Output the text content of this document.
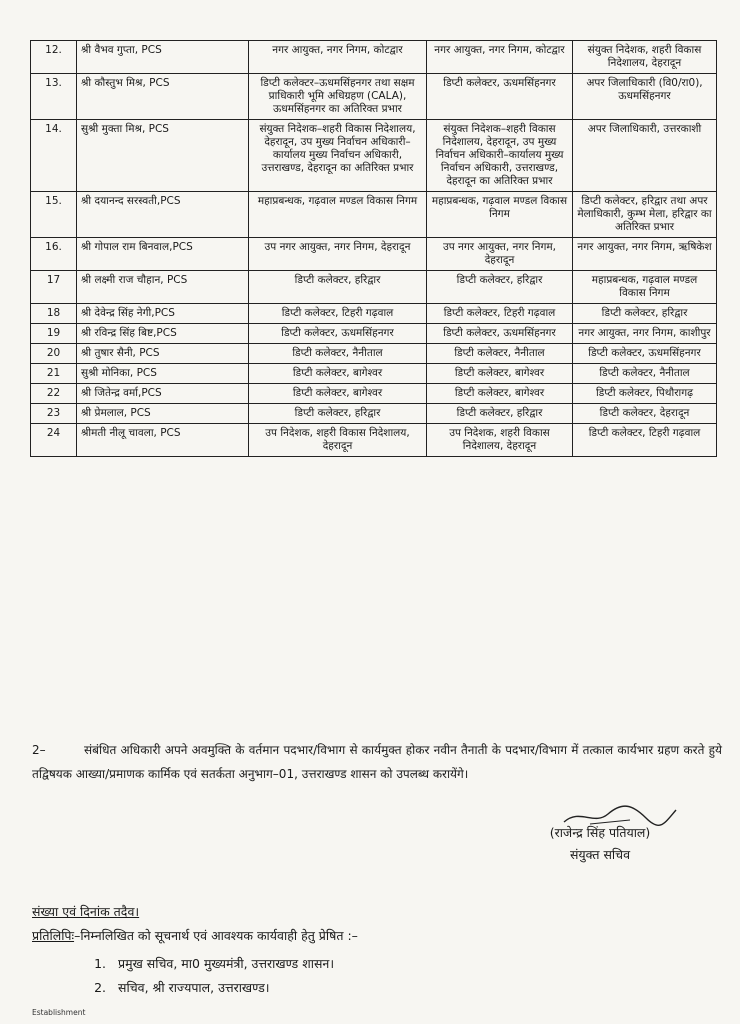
12.	श्री वैभव गुप्ता, PCS	नगर आयुक्त, नगर निगम, कोटद्वार	नगर आयुक्त, नगर निगम, कोटद्वार	संयुक्त निदेशक, शहरी विकास निदेशालय, देहरादून
13.	श्री कौस्तुभ मिश्र, PCS	डिप्टी कलेक्टर–ऊधमसिंहनगर तथा सक्षम प्राधिकारी भूमि अधिग्रहण (CALA), ऊधमसिंहनगर का अतिरिक्त प्रभार	डिप्टी कलेक्टर, ऊधमसिंहनगर	अपर जिलाधिकारी (वि0/रा0), ऊधमसिंहनगर
14.	सुश्री मुक्ता मिश्र, PCS	संयुक्त निदेशक–शहरी विकास निदेशालय, देहरादून, उप मुख्य निर्वाचन अधिकारी–कार्यालय मुख्य निर्वाचन अधिकारी, उत्तराखण्ड, देहरादून का अतिरिक्त प्रभार	संयुक्त निदेशक–शहरी विकास निदेशालय, देहरादून, उप मुख्य निर्वाचन अधिकारी–कार्यालय मुख्य निर्वाचन अधिकारी, उत्तराखण्ड, देहरादून का अतिरिक्त प्रभार	अपर जिलाधिकारी, उत्तरकाशी
15.	श्री दयानन्द सरस्वती,PCS	महाप्रबन्धक, गढ़वाल मण्डल विकास निगम	महाप्रबन्धक, गढ़वाल मण्डल विकास निगम	डिप्टी कलेक्टर, हरिद्वार तथा अपर मेलाधिकारी, कुम्भ मेला, हरिद्वार का अतिरिक्त प्रभार
16.	श्री गोपाल राम बिनवाल,PCS	उप नगर आयुक्त, नगर निगम, देहरादून	उप नगर आयुक्त, नगर निगम, देहरादून	नगर आयुक्त, नगर निगम, ऋषिकेश
17	श्री लक्ष्मी राज चौहान, PCS	डिप्टी कलेक्टर, हरिद्वार	डिप्टी कलेक्टर, हरिद्वार	महाप्रबन्धक, गढ़वाल मण्डल विकास निगम
18	श्री देवेन्द्र सिंह नेगी,PCS	डिप्टी कलेक्टर, टिहरी गढ़वाल	डिप्टी कलेक्टर, टिहरी गढ़वाल	डिप्टी कलेक्टर, हरिद्वार
19	श्री रविन्द्र सिंह बिष्ट,PCS	डिप्टी कलेक्टर, ऊधमसिंहनगर	डिप्टी कलेक्टर, ऊधमसिंहनगर	नगर आयुक्त, नगर निगम, काशीपुर
20	श्री तुषार सैनी, PCS	डिप्टी कलेक्टर, नैनीताल	डिप्टी कलेक्टर, नैनीताल	डिप्टी कलेक्टर, ऊधमसिंहनगर
21	सुश्री मोनिका, PCS	डिप्टी कलेक्टर, बागेश्वर	डिप्टी कलेक्टर, बागेश्वर	डिप्टी कलेक्टर, नैनीताल
22	श्री जितेन्द्र वर्मा,PCS	डिप्टी कलेक्टर, बागेश्वर	डिप्टी कलेक्टर, बागेश्वर	डिप्टी कलेक्टर, पिथौरागढ़
23	श्री प्रेमलाल, PCS	डिप्टी कलेक्टर, हरिद्वार	डिप्टी कलेक्टर, हरिद्वार	डिप्टी कलेक्टर, देहरादून
24	श्रीमती नीलू चावला, PCS	उप निदेशक, शहरी विकास निदेशालय, देहरादून	उप निदेशक, शहरी विकास निदेशालय, देहरादून	डिप्टी कलेक्टर, टिहरी गढ़वाल
2–	संबंधित अधिकारी अपने अवमुक्ति के वर्तमान पदभार/विभाग से कार्यमुक्त होकर नवीन तैनाती के पदभार/विभाग में तत्काल कार्यभार ग्रहण करते हुये तद्विषयक आख्या/प्रमाणक कार्मिक एवं सतर्कता अनुभाग–01, उत्तराखण्ड शासन को उपलब्ध करायेंगे।
(राजेन्द्र सिंह पतियाल)
संयुक्त सचिव
संख्या एवं दिनांक तदैव।
प्रतिलिपिः–निम्नलिखित को सूचनार्थ एवं आवश्यक कार्यवाही हेतु प्रेषित :–
1. प्रमुख सचिव, मा0 मुख्यमंत्री, उत्तराखण्ड शासन।
2. सचिव, श्री राज्यपाल, उत्तराखण्ड।
Establishment
